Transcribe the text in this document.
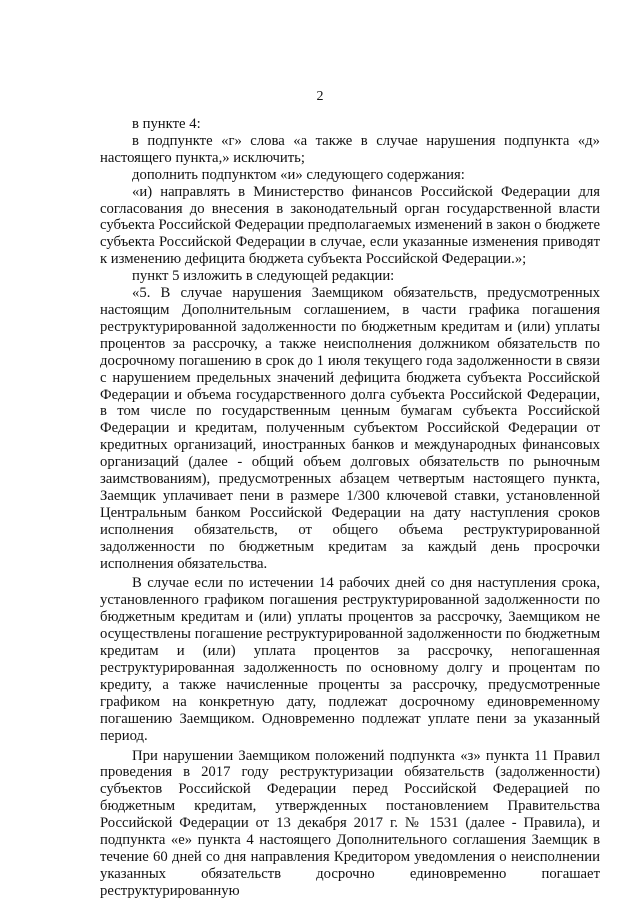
2

в пункте 4:

в подпункте «г» слова «а также в случае нарушения подпункта «д» настоящего пункта,» исключить;

дополнить подпунктом «и» следующего содержания:

«и) направлять в Министерство финансов Российской Федерации для согласования до внесения в законодательный орган государственной власти субъекта Российской Федерации предполагаемых изменений в закон о бюджете субъекта Российской Федерации в случае, если указанные изменения приводят к изменению дефицита бюджета субъекта Российской Федерации.»;

пункт 5 изложить в следующей редакции:

«5. В случае нарушения Заемщиком обязательств, предусмотренных настоящим Дополнительным соглашением, в части графика погашения реструктурированной задолженности по бюджетным кредитам и (или) уплаты процентов за рассрочку, а также неисполнения должником обязательств по досрочному погашению в срок до 1 июля текущего года задолженности в связи с нарушением предельных значений дефицита бюджета субъекта Российской Федерации и объема государственного долга субъекта Российской Федерации, в том числе по государственным ценным бумагам субъекта Российской Федерации и кредитам, полученным субъектом Российской Федерации от кредитных организаций, иностранных банков и международных финансовых организаций (далее - общий объем долговых обязательств по рыночным заимствованиям), предусмотренных абзацем четвертым настоящего пункта, Заемщик уплачивает пени в размере 1/300 ключевой ставки, установленной Центральным банком Российской Федерации на дату наступления сроков исполнения обязательств, от общего объема реструктурированной задолженности по бюджетным кредитам за каждый день просрочки исполнения обязательства.

В случае если по истечении 14 рабочих дней со дня наступления срока, установленного графиком погашения реструктурированной задолженности по бюджетным кредитам и (или) уплаты процентов за рассрочку, Заемщиком не осуществлены погашение реструктурированной задолженности по бюджетным кредитам и (или) уплата процентов за рассрочку, непогашенная реструктурированная задолженность по основному долгу и процентам по кредиту, а также начисленные проценты за рассрочку, предусмотренные графиком на конкретную дату, подлежат досрочному единовременному погашению Заемщиком. Одновременно подлежат уплате пени за указанный период.

При нарушении Заемщиком положений подпункта «з» пункта 11 Правил проведения в 2017 году реструктуризации обязательств (задолженности) субъектов Российской Федерации перед Российской Федерацией по бюджетным кредитам, утвержденных постановлением Правительства Российской Федерации от 13 декабря 2017 г. № 1531 (далее - Правила), и подпункта «е» пункта 4 настоящего Дополнительного соглашения Заемщик в течение 60 дней со дня направления Кредитором уведомления о неисполнении указанных обязательств досрочно единовременно погашает реструктурированную
